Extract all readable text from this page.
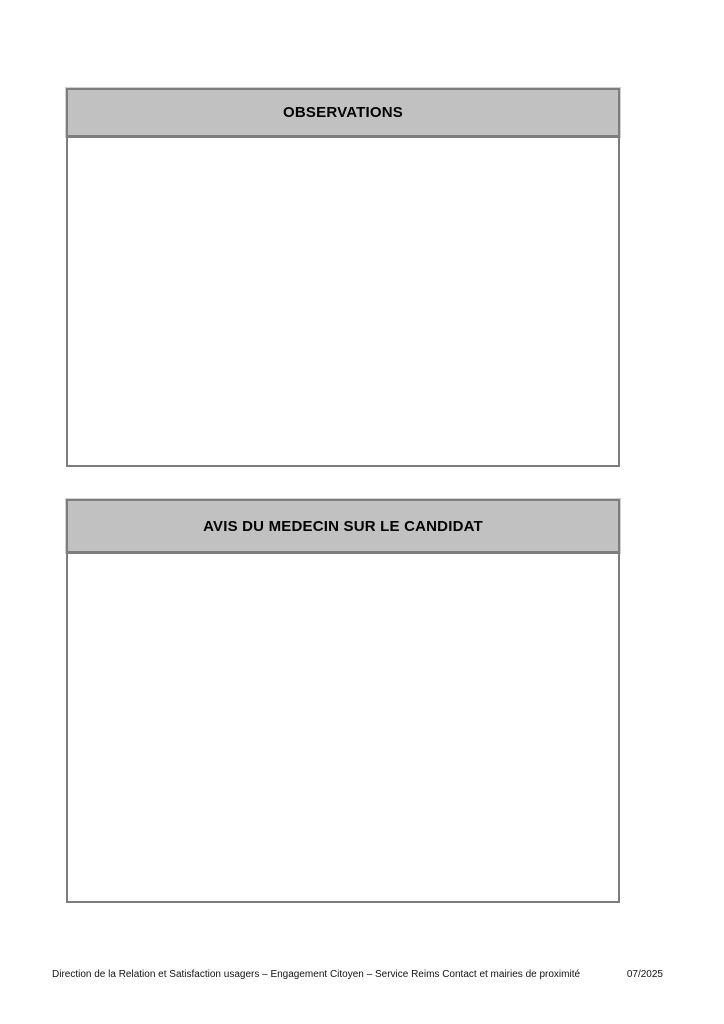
OBSERVATIONS
AVIS DU MEDECIN SUR LE CANDIDAT
Direction de la Relation et Satisfaction usagers – Engagement Citoyen – Service Reims Contact et mairies de proximité	07/2025
